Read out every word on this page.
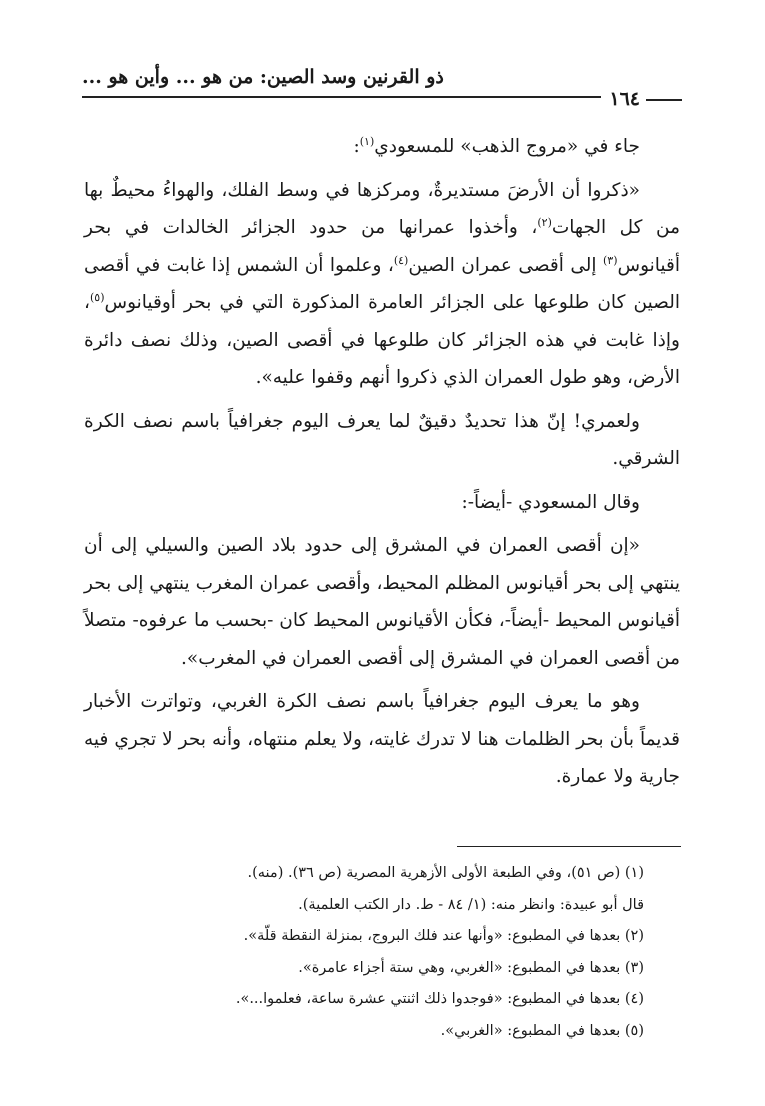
ذو القرنين وسد الصين: من هو ... وأين هو ...
١٦٤

جاء في «مروج الذهب» للمسعودي$^{(١)}$:

«ذكروا أن الأرضَ مستديرةٌ، ومركزها في وسط الفلك، والهواءُ محيطٌ بها من كل الجهات$^{(٢)}$، وأخذوا عمرانها من حدود الجزائر الخالدات في بحر أقيانوس$^{(٣)}$ إلى أقصى عمران الصين$^{(٤)}$، وعلموا أن الشمس إذا غابت في أقصى الصين كان طلوعها على الجزائر العامرة المذكورة التي في بحر أوقيانوس$^{(٥)}$، وإذا غابت في هذه الجزائر كان طلوعها في أقصى الصين، وذلك نصف دائرة الأرض، وهو طول العمران الذي ذكروا أنهم وقفوا عليه».

ولعمري! إنّ هذا تحديدٌ دقيقٌ لما يعرف اليوم جغرافياً باسم نصف الكرة الشرقي.

وقال المسعودي -أيضاً-:

«إن أقصى العمران في المشرق إلى حدود بلاد الصين والسيلي إلى أن ينتهي إلى بحر أقيانوس المظلم المحيط، وأقصى عمران المغرب ينتهي إلى بحر أقيانوس المحيط -أيضاً-، فكأن الأقيانوس المحيط كان -بحسب ما عرفوه- متصلاً من أقصى العمران في المشرق إلى أقصى العمران في المغرب».

وهو ما يعرف اليوم جغرافياً باسم نصف الكرة الغربي، وتواترت الأخبار قديماً بأن بحر الظلمات هنا لا تدرك غايته، ولا يعلم منتهاه، وأنه بحر لا تجري فيه جارية ولا عمارة.

(١) (ص ٥١)، وفي الطبعة الأولى الأزهرية المصرية (ص ٣٦). (منه).
قال أبو عبيدة: وانظر منه: (١/ ٨٤ - ط. دار الكتب العلمية).
(٢) بعدها في المطبوع: «وأنها عند فلك البروج، بمنزلة النقطة قلّة».
(٣) بعدها في المطبوع: «الغربي، وهي ستة أجزاء عامرة».
(٤) بعدها في المطبوع: «فوجدوا ذلك اثنتي عشرة ساعة، فعلموا...».
(٥) بعدها في المطبوع: «الغربي».
